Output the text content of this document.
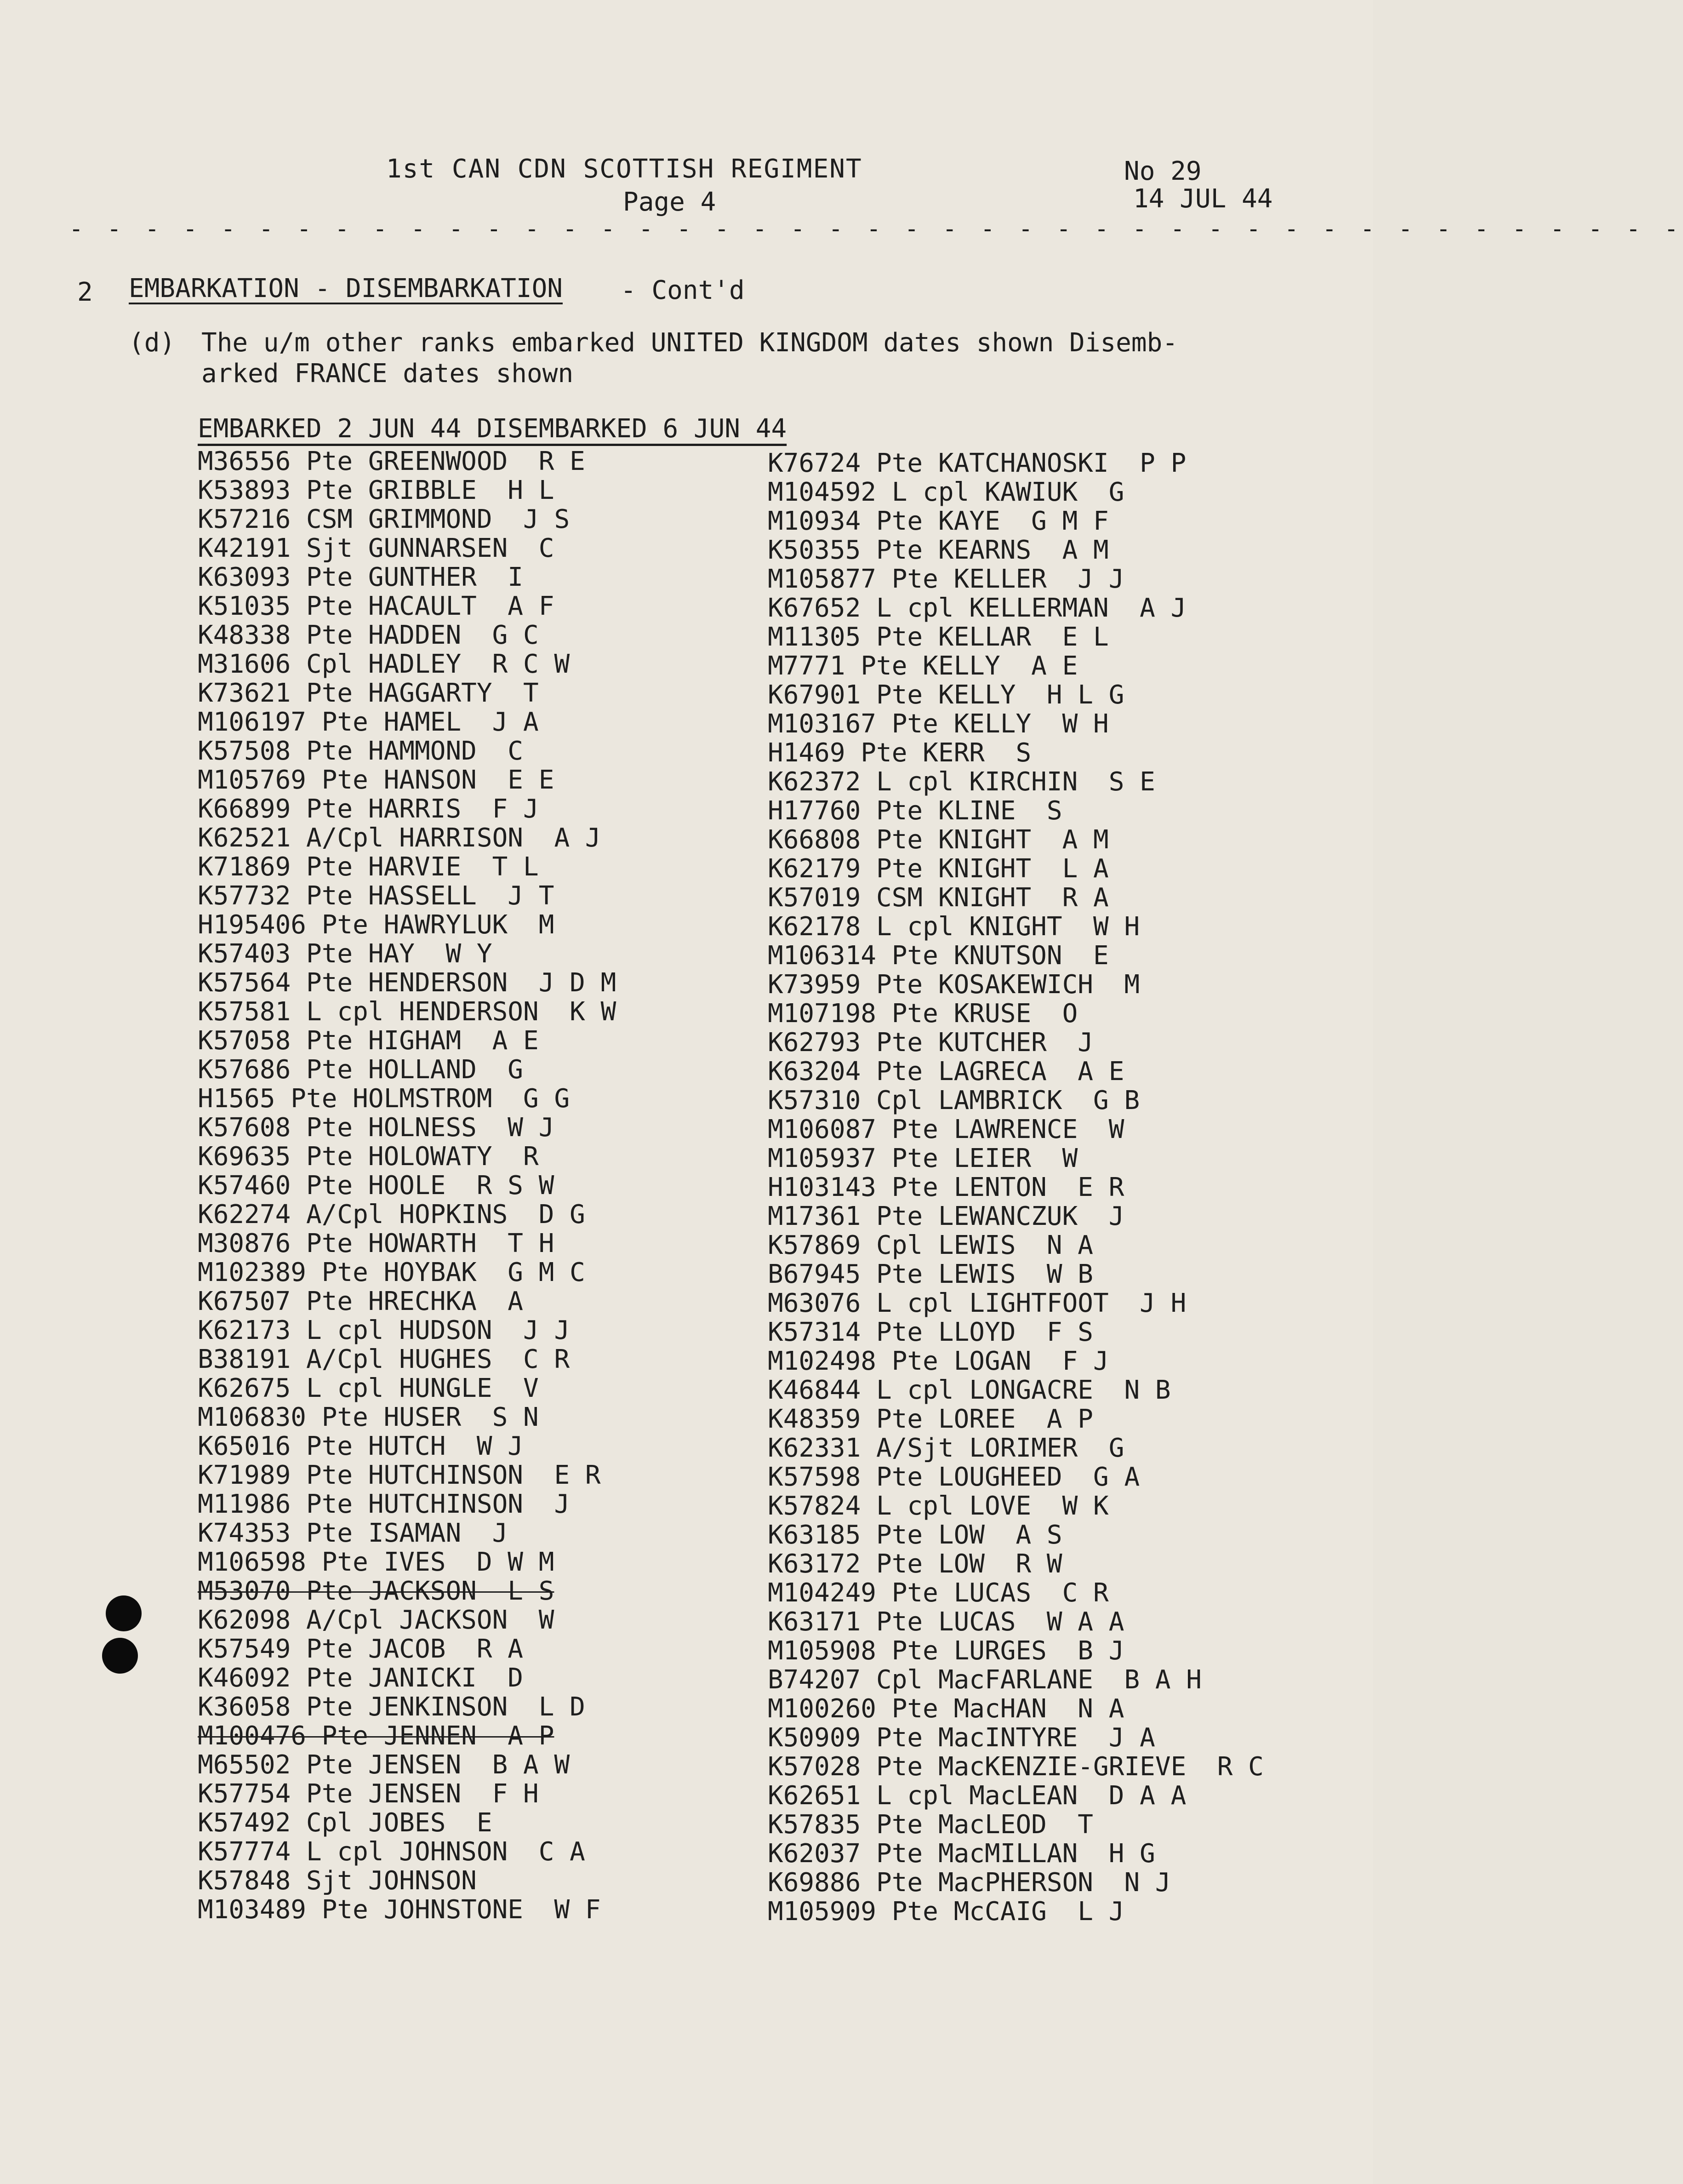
1st CAN CDN SCOTTISH REGIMENT	No 29
Page 4	14 JUL 44
- - - - - - - - - - - - - - - - - - - - - - - - - - - - - - - - - - - - - - - - - - -
2 EMBARKATION - DISEMBARKATION - Cont'd
(d) The u/m other ranks embarked UNITED KINGDOM dates shown Disemb-
arked FRANCE dates shown
EMBARKED 2 JUN 44 DISEMBARKED 6 JUN 44
M36556 Pte GREENWOOD  R E
K53893 Pte GRIBBLE  H L
K57216 CSM GRIMMOND  J S
K42191 Sjt GUNNARSEN  C
K63093 Pte GUNTHER  I
K51035 Pte HACAULT  A F
K48338 Pte HADDEN  G C
M31606 Cpl HADLEY  R C W
K73621 Pte HAGGARTY  T
M106197 Pte HAMEL  J A
K57508 Pte HAMMOND  C
M105769 Pte HANSON  E E
K66899 Pte HARRIS  F J
K62521 A/Cpl HARRISON  A J
K71869 Pte HARVIE  T L
K57732 Pte HASSELL  J T
H195406 Pte HAWRYLUK  M
K57403 Pte HAY  W Y
K57564 Pte HENDERSON  J D M
K57581 L cpl HENDERSON  K W
K57058 Pte HIGHAM  A E
K57686 Pte HOLLAND  G
H1565 Pte HOLMSTROM  G G
K57608 Pte HOLNESS  W J
K69635 Pte HOLOWATY  R
K57460 Pte HOOLE  R S W
K62274 A/Cpl HOPKINS  D G
M30876 Pte HOWARTH  T H
M102389 Pte HOYBAK  G M C
K67507 Pte HRECHKA  A
K62173 L cpl HUDSON  J J
B38191 A/Cpl HUGHES  C R
K62675 L cpl HUNGLE  V
M106830 Pte HUSER  S N
K65016 Pte HUTCH  W J
K71989 Pte HUTCHINSON  E R
M11986 Pte HUTCHINSON  J
K74353 Pte ISAMAN  J
M106598 Pte IVES  D W M
M53070 Pte JACKSON  L S
K62098 A/Cpl JACKSON  W
K57549 Pte JACOB  R A
K46092 Pte JANICKI  D
K36058 Pte JENKINSON  L D
M100476 Pte JENNEN  A P
M65502 Pte JENSEN  B A W
K57754 Pte JENSEN  F H
K57492 Cpl JOBES  E
K57774 L cpl JOHNSON  C A
K57848 Sjt JOHNSON
M103489 Pte JOHNSTONE  W F
K76724 Pte KATCHANOSKI  P P
M104592 L cpl KAWIUK  G
M10934 Pte KAYE  G M F
K50355 Pte KEARNS  A M
M105877 Pte KELLER  J J
K67652 L cpl KELLERMAN  A J
M11305 Pte KELLAR  E L
M7771 Pte KELLY  A E
K67901 Pte KELLY  H L G
M103167 Pte KELLY  W H
H1469 Pte KERR  S
K62372 L cpl KIRCHIN  S E
H17760 Pte KLINE  S
K66808 Pte KNIGHT  A M
K62179 Pte KNIGHT  L A
K57019 CSM KNIGHT  R A
K62178 L cpl KNIGHT  W H
M106314 Pte KNUTSON  E
K73959 Pte KOSAKEWICH  M
M107198 Pte KRUSE  O
K62793 Pte KUTCHER  J
K63204 Pte LAGRECA  A E
K57310 Cpl LAMBRICK  G B
M106087 Pte LAWRENCE  W
M105937 Pte LEIER  W
H103143 Pte LENTON  E R
M17361 Pte LEWANCZUK  J
K57869 Cpl LEWIS  N A
B67945 Pte LEWIS  W B
M63076 L cpl LIGHTFOOT  J H
K57314 Pte LLOYD  F S
M102498 Pte LOGAN  F J
K46844 L cpl LONGACRE  N B
K48359 Pte LOREE  A P
K62331 A/Sjt LORIMER  G
K57598 Pte LOUGHEED  G A
K57824 L cpl LOVE  W K
K63185 Pte LOW  A S
K63172 Pte LOW  R W
M104249 Pte LUCAS  C R
K63171 Pte LUCAS  W A A
M105908 Pte LURGES  B J
B74207 Cpl MacFARLANE  B A H
M100260 Pte MacHAN  N A
K50909 Pte MacINTYRE  J A
K57028 Pte MacKENZIE-GRIEVE  R C
K62651 L cpl MacLEAN  D A A
K57835 Pte MacLEOD  T
K62037 Pte MacMILLAN  H G
K69886 Pte MacPHERSON  N J
M105909 Pte McCAIG  L J
